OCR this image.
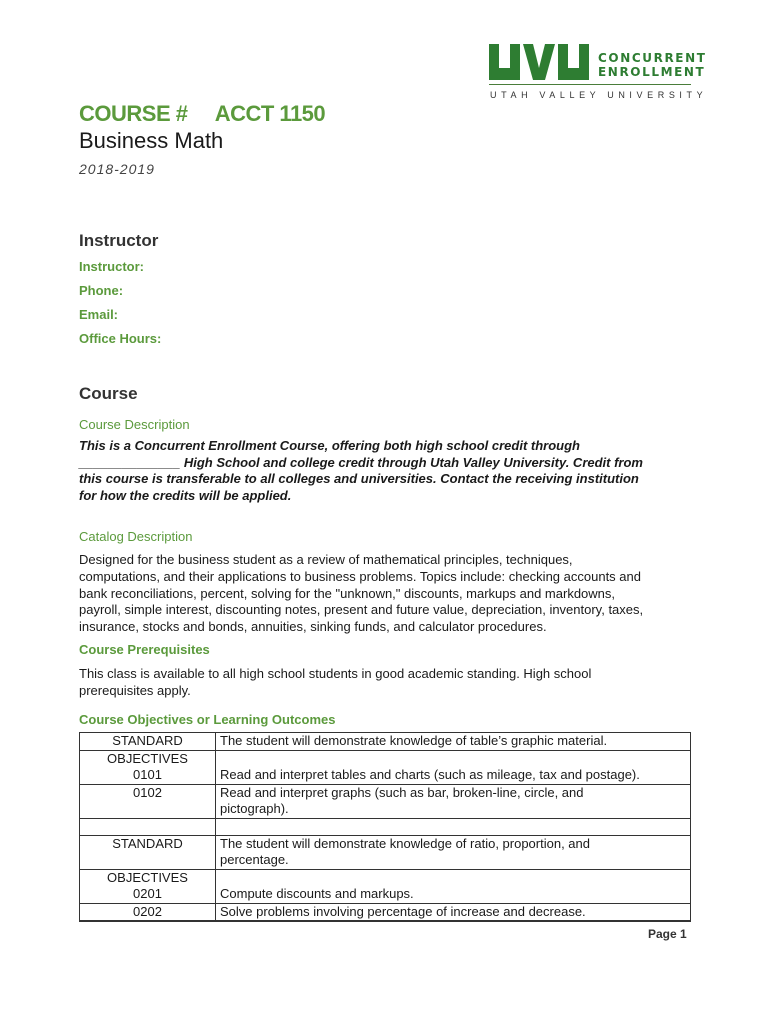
CONCURRENT
ENROLLMENT
UTAH VALLEY UNIVERSITY
COURSE #     ACCT 1150
Business Math
2018-2019
Instructor
Instructor:
Phone:
Email:
Office Hours:
Course
Course Description
This is a Concurrent Enrollment Course, offering both high school credit through
______________ High School and college credit through Utah Valley University. Credit from
this course is transferable to all colleges and universities. Contact the receiving institution
for how the credits will be applied.
Catalog Description
Designed for the business student as a review of mathematical principles, techniques,
computations, and their applications to business problems. Topics include: checking accounts and
bank reconciliations, percent, solving for the "unknown," discounts, markups and markdowns,
payroll, simple interest, discounting notes, present and future value, depreciation, inventory, taxes,
insurance, stocks and bonds, annuities, sinking funds, and calculator procedures.
Course Prerequisites
This class is available to all high school students in good academic standing. High school
prerequisites apply.
Course Objectives or Learning Outcomes
STANDARD	The student will demonstrate knowledge of table’s graphic material.

OBJECTIVES
0101	Read and interpret tables and charts (such as mileage, tax and postage).

0102	Read and interpret graphs (such as bar, broken-line, circle, and
pictograph).

STANDARD	The student will demonstrate knowledge of ratio, proportion, and
percentage.

OBJECTIVES
0201	Compute discounts and markups.

0202	Solve problems involving percentage of increase and decrease.
Page 1
